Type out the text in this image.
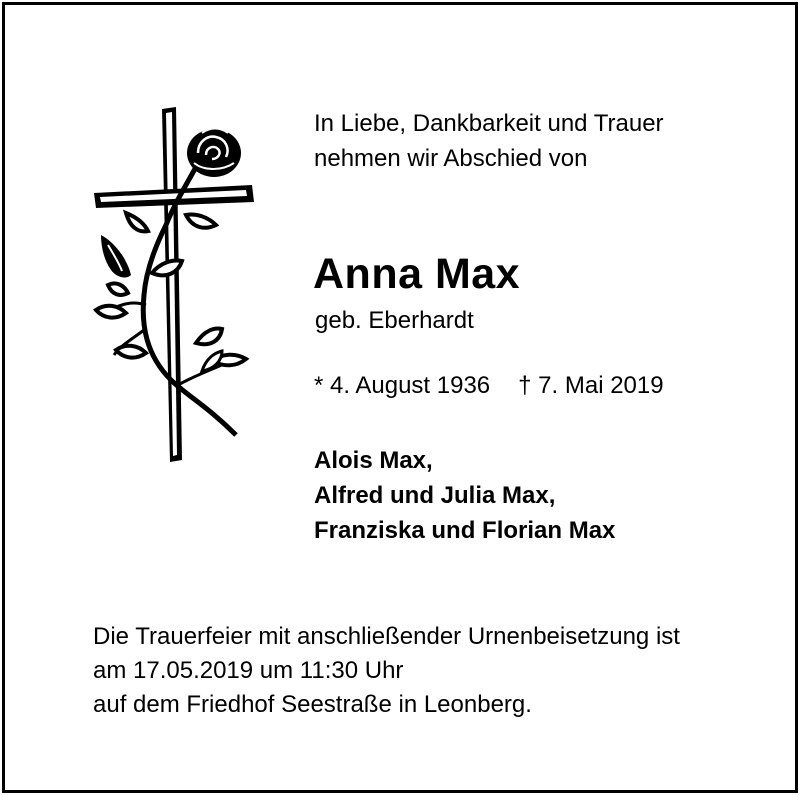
In Liebe, Dankbarkeit und Trauer
nehmen wir Abschied von
Anna Max
geb. Eberhardt
* 4. August 1936 † 7. Mai 2019
Alois Max,
Alfred und Julia Max,
Franziska und Florian Max
Die Trauerfeier mit anschließender Urnenbeisetzung ist
am 17.05.2019 um 11:30 Uhr
auf dem Friedhof Seestraße in Leonberg.
